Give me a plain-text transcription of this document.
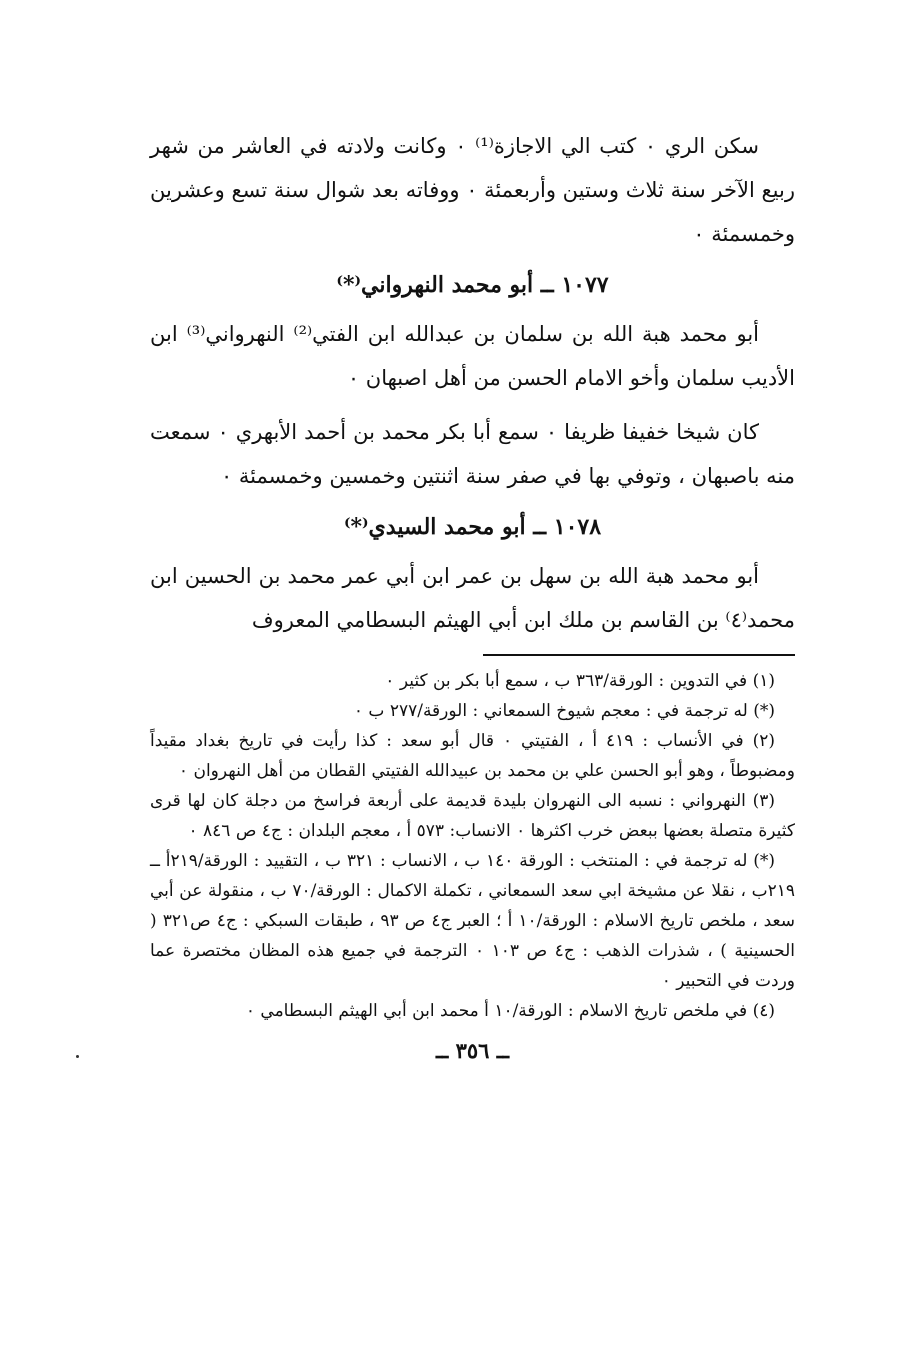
سكن الري ٠ كتب الي الاجازة⁽¹⁾ ٠ وكانت ولادته في العاشر من شهر ربيع الآخر سنة ثلاث وستين وأربعمئة ٠ ووفاته بعد شوال سنة تسع وعشرين وخمسمئة ٠

١٠٧٧ ــ أبو محمد النهرواني⁽*⁾

أبو محمد هبة الله بن سلمان بن عبدالله ابن الفتي⁽²⁾ النهرواني⁽³⁾ ابن الأديب سلمان وأخو الامام الحسن من أهل اصبهان ٠

كان شيخا خفيفا ظريفا ٠ سمع أبا بكر محمد بن أحمد الأبهري ٠ سمعت منه باصبهان ، وتوفي بها في صفر سنة اثنتين وخمسين وخمسمئة ٠

١٠٧٨ ــ أبو محمد السيدي⁽*⁾

أبو محمد هبة الله بن سهل بن عمر ابن أبي عمر محمد بن الحسين ابن محمد⁽٤⁾ بن القاسم بن ملك ابن أبي الهيثم البسطامي المعروف

(١) في التدوين : الورقة/٣٦٣ ب ، سمع أبا بكر بن كثير ٠

(*) له ترجمة في : معجم شيوخ السمعاني : الورقة/٢٧٧ ب ٠

(٢) في الأنساب : ٤١٩ أ ، الفتيتي ٠ قال أبو سعد : كذا رأيت في تاريخ بغداد مقيداً ومضبوطاً ، وهو أبو الحسن علي بن محمد بن عبيدالله الفتيتي القطان من أهل النهروان ٠

(٣) النهرواني : نسبه الى النهروان بليدة قديمة على أربعة فراسخ من دجلة كان لها قرى كثيرة متصلة بعضها ببعض خرب اكثرها ٠ الانساب: ٥٧٣ أ ، معجم البلدان : ج٤ ص ٨٤٦ ٠

(*) له ترجمة في : المنتخب : الورقة ١٤٠ ب ، الانساب : ٣٢١ ب ، التقييد : الورقة/٢١٩أ ــ ٢١٩ب ، نقلا عن مشيخة ابي سعد السمعاني ، تكملة الاكمال : الورقة/٧٠ ب ، منقولة عن أبي سعد ، ملخص تاريخ الاسلام : الورقة/١٠ أ ؛ العبر ج٤ ص ٩٣ ، طبقات السبكي : ج٤ ص٣٢١ ( الحسينية ) ، شذرات الذهب : ج٤ ص ١٠٣ ٠ الترجمة في جميع هذه المظان مختصرة عما وردت في التحبير ٠

(٤) في ملخص تاريخ الاسلام : الورقة/١٠ أ محمد ابن أبي الهيثم البسطامي ٠

ــ ٣٥٦ ــ
